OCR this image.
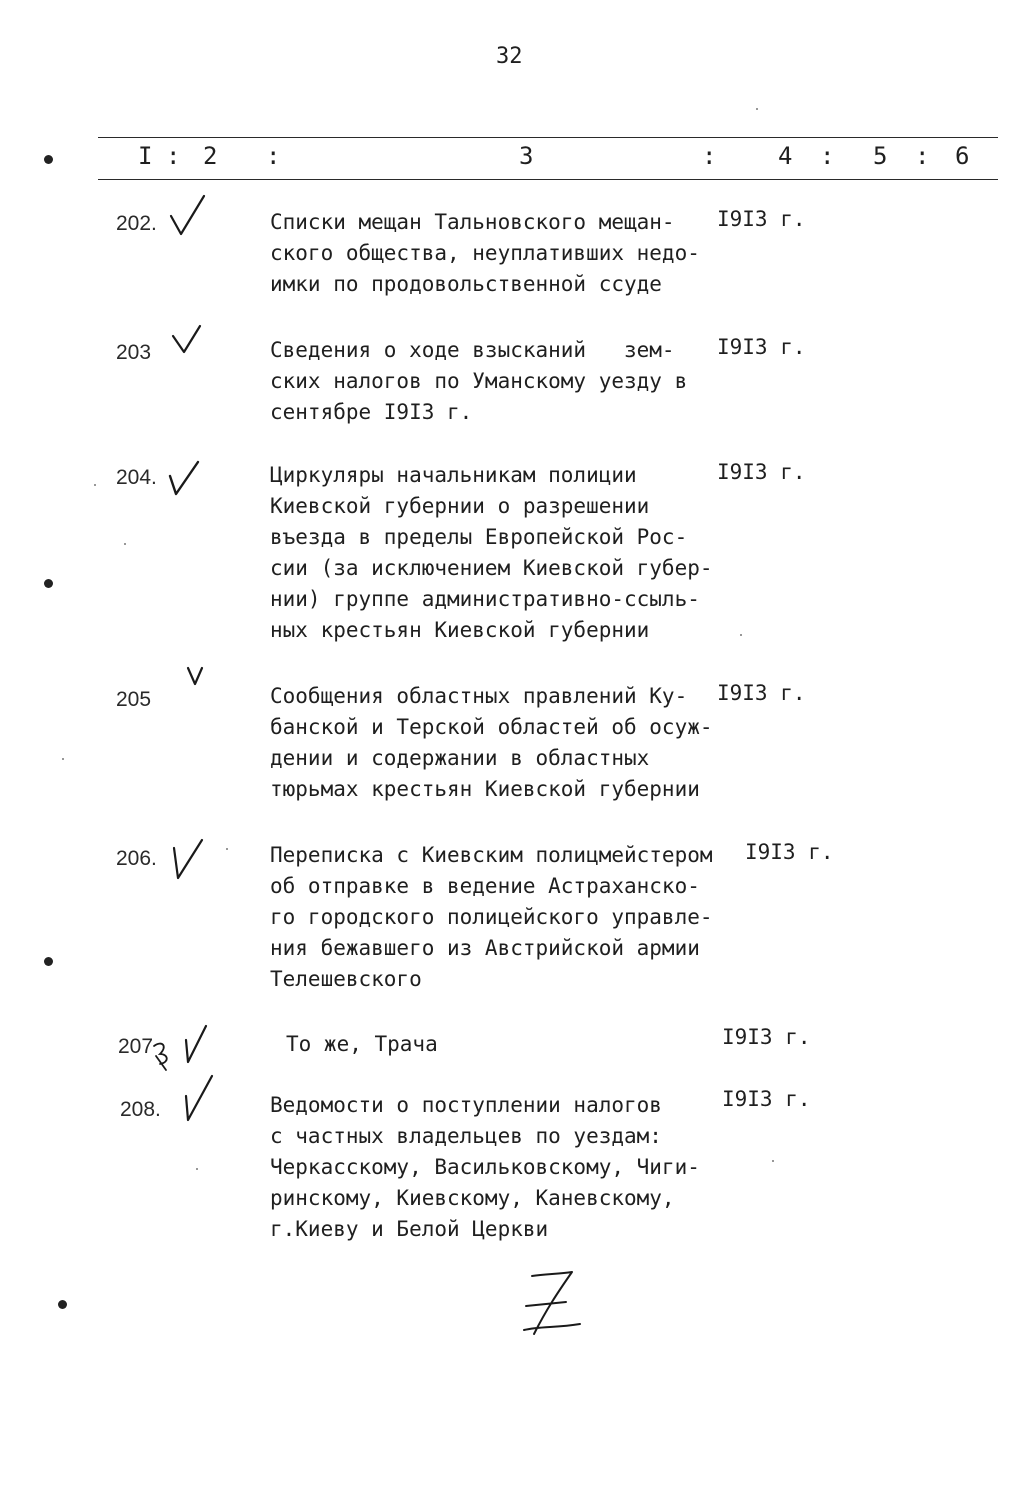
32
I : 2 :	3	:	4 : 5 : 6
202.	Списки мещан Тальновского мещан-
ского общества, неуплативших недо-
имки по продовольственной ссуде
I9I3 г.
203	Сведения о ходе взысканий   зем-
ских налогов по Уманскому уезду в
сентябре I9I3 г.
I9I3 г.
204.	Циркуляры начальникам полиции
Киевской губернии о разрешении
въезда в пределы Европейской Рос-
сии (за исключением Киевской губер-
нии) группе административно-ссыль-
ных крестьян Киевской губернии
I9I3 г.
205	Сообщения областных правлений Ку-
банской и Терской областей об осуж-
дении и содержании в областных
тюрьмах крестьян Киевской губернии
I9I3 г.
206.	Переписка с Киевским полицмейстером
об отправке в ведение Астраханско-
го городского полицейского управле-
ния бежавшего из Австрийской армии
Телешевского
I9I3 г.
207	То же, Трача	I9I3 г.
208.	Ведомости о поступлении налогов
с частных владельцев по уездам:
Черкасскому, Васильковскому, Чиги-
ринскому, Киевскому, Каневскому,
г.Киеву и Белой Церкви
I9I3 г.
